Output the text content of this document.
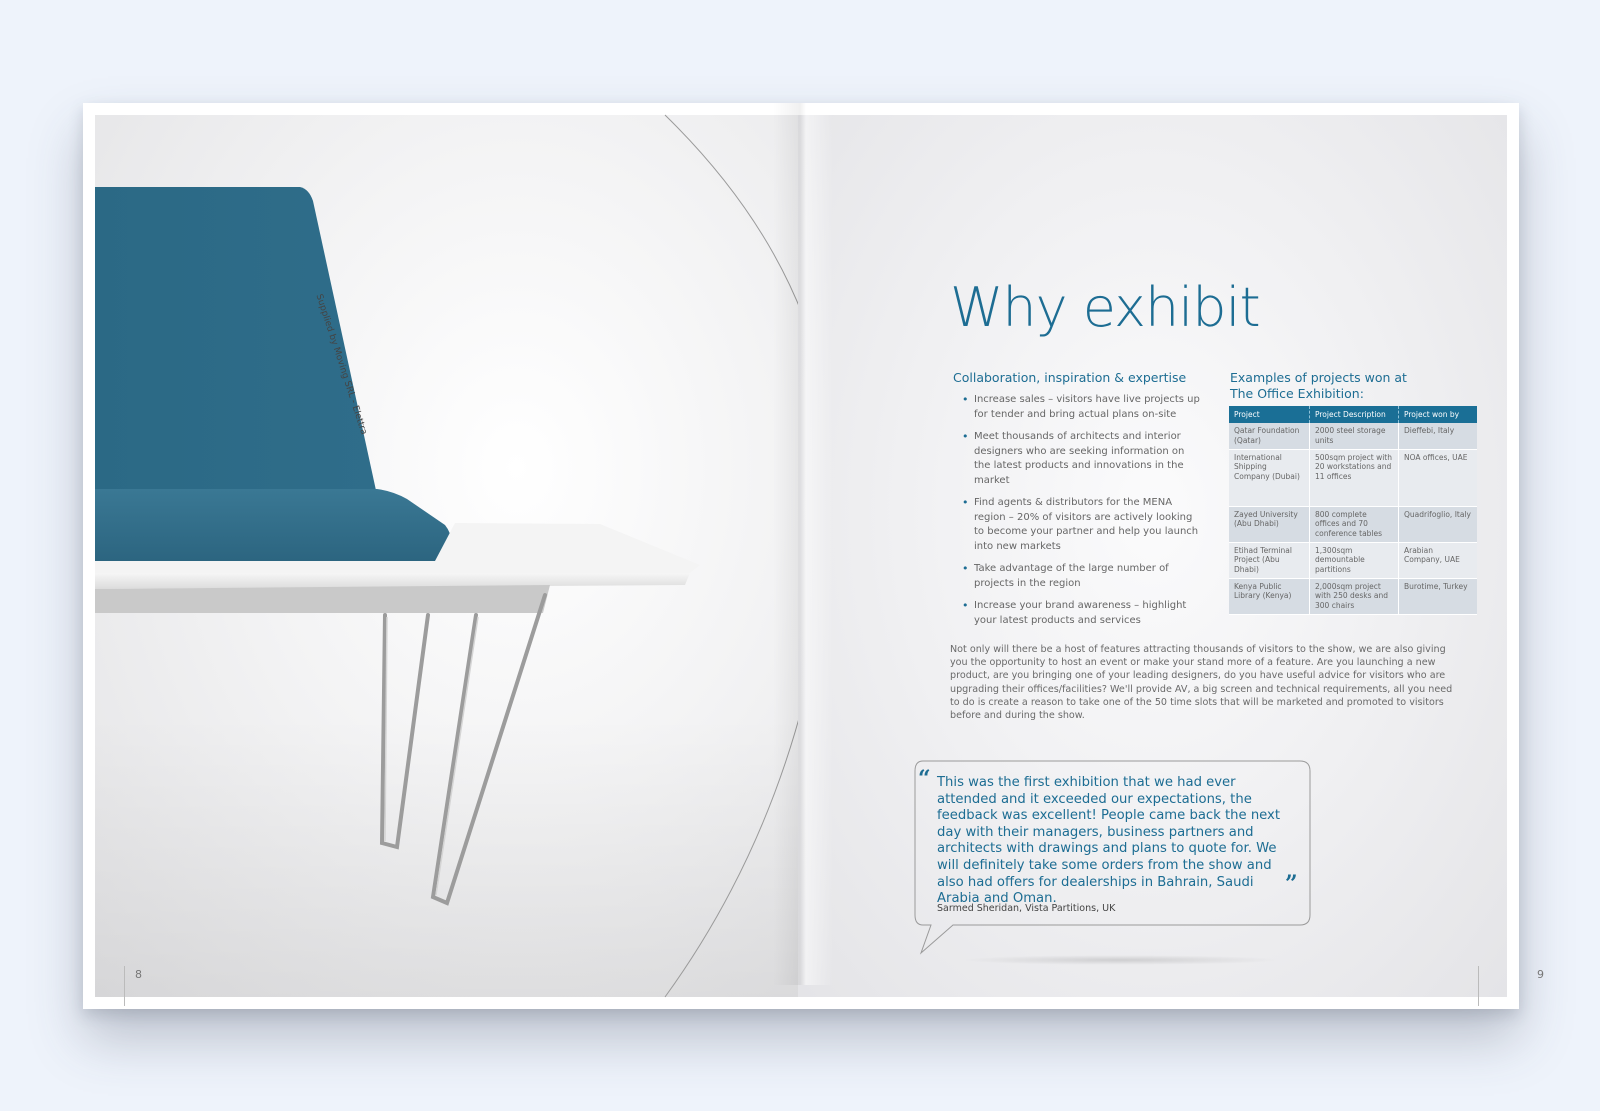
Supplied by Moving SRL - Elettra
8	9
Why exhibit
Collaboration, inspiration & expertise
• Increase sales – visitors have live projects up for tender and bring actual plans on-site
• Meet thousands of architects and interior designers who are seeking information on the latest products and innovations in the market
• Find agents & distributors for the MENA region – 20% of visitors are actively looking to become your partner and help you launch into new markets
• Take advantage of the large number of projects in the region
• Increase your brand awareness – highlight your latest products and services
Examples of projects won at
The Office Exhibition:
Project	Project Description	Project won by
Qatar Foundation (Qatar)	2000 steel storage units	Dieffebi, Italy
International Shipping Company (Dubai)	500sqm project with 20 workstations and 11 offices	NOA offices, UAE
Zayed University (Abu Dhabi)	800 complete offices and 70 conference tables	Quadrifoglio, Italy
Etihad Terminal Project (Abu Dhabi)	1,300sqm demountable partitions	Arabian Company, UAE
Kenya Public Library (Kenya)	2,000sqm project with 250 desks and 300 chairs	Burotime, Turkey
Not only will there be a host of features attracting thousands of visitors to the show, we are also giving you the opportunity to host an event or make your stand more of a feature. Are you launching a new product, are you bringing one of your leading designers, do you have useful advice for visitors who are upgrading their offices/facilities? We'll provide AV, a big screen and technical requirements, all you need to do is create a reason to take one of the 50 time slots that will be marketed and promoted to visitors before and during the show.
“ This was the first exhibition that we had ever attended and it exceeded our expectations, the feedback was excellent! People came back the next day with their managers, business partners and architects with drawings and plans to quote for. We will definitely take some orders from the show and also had offers for dealerships in Bahrain, Saudi Arabia and Oman.
”
Sarmed Sheridan, Vista Partitions, UK
